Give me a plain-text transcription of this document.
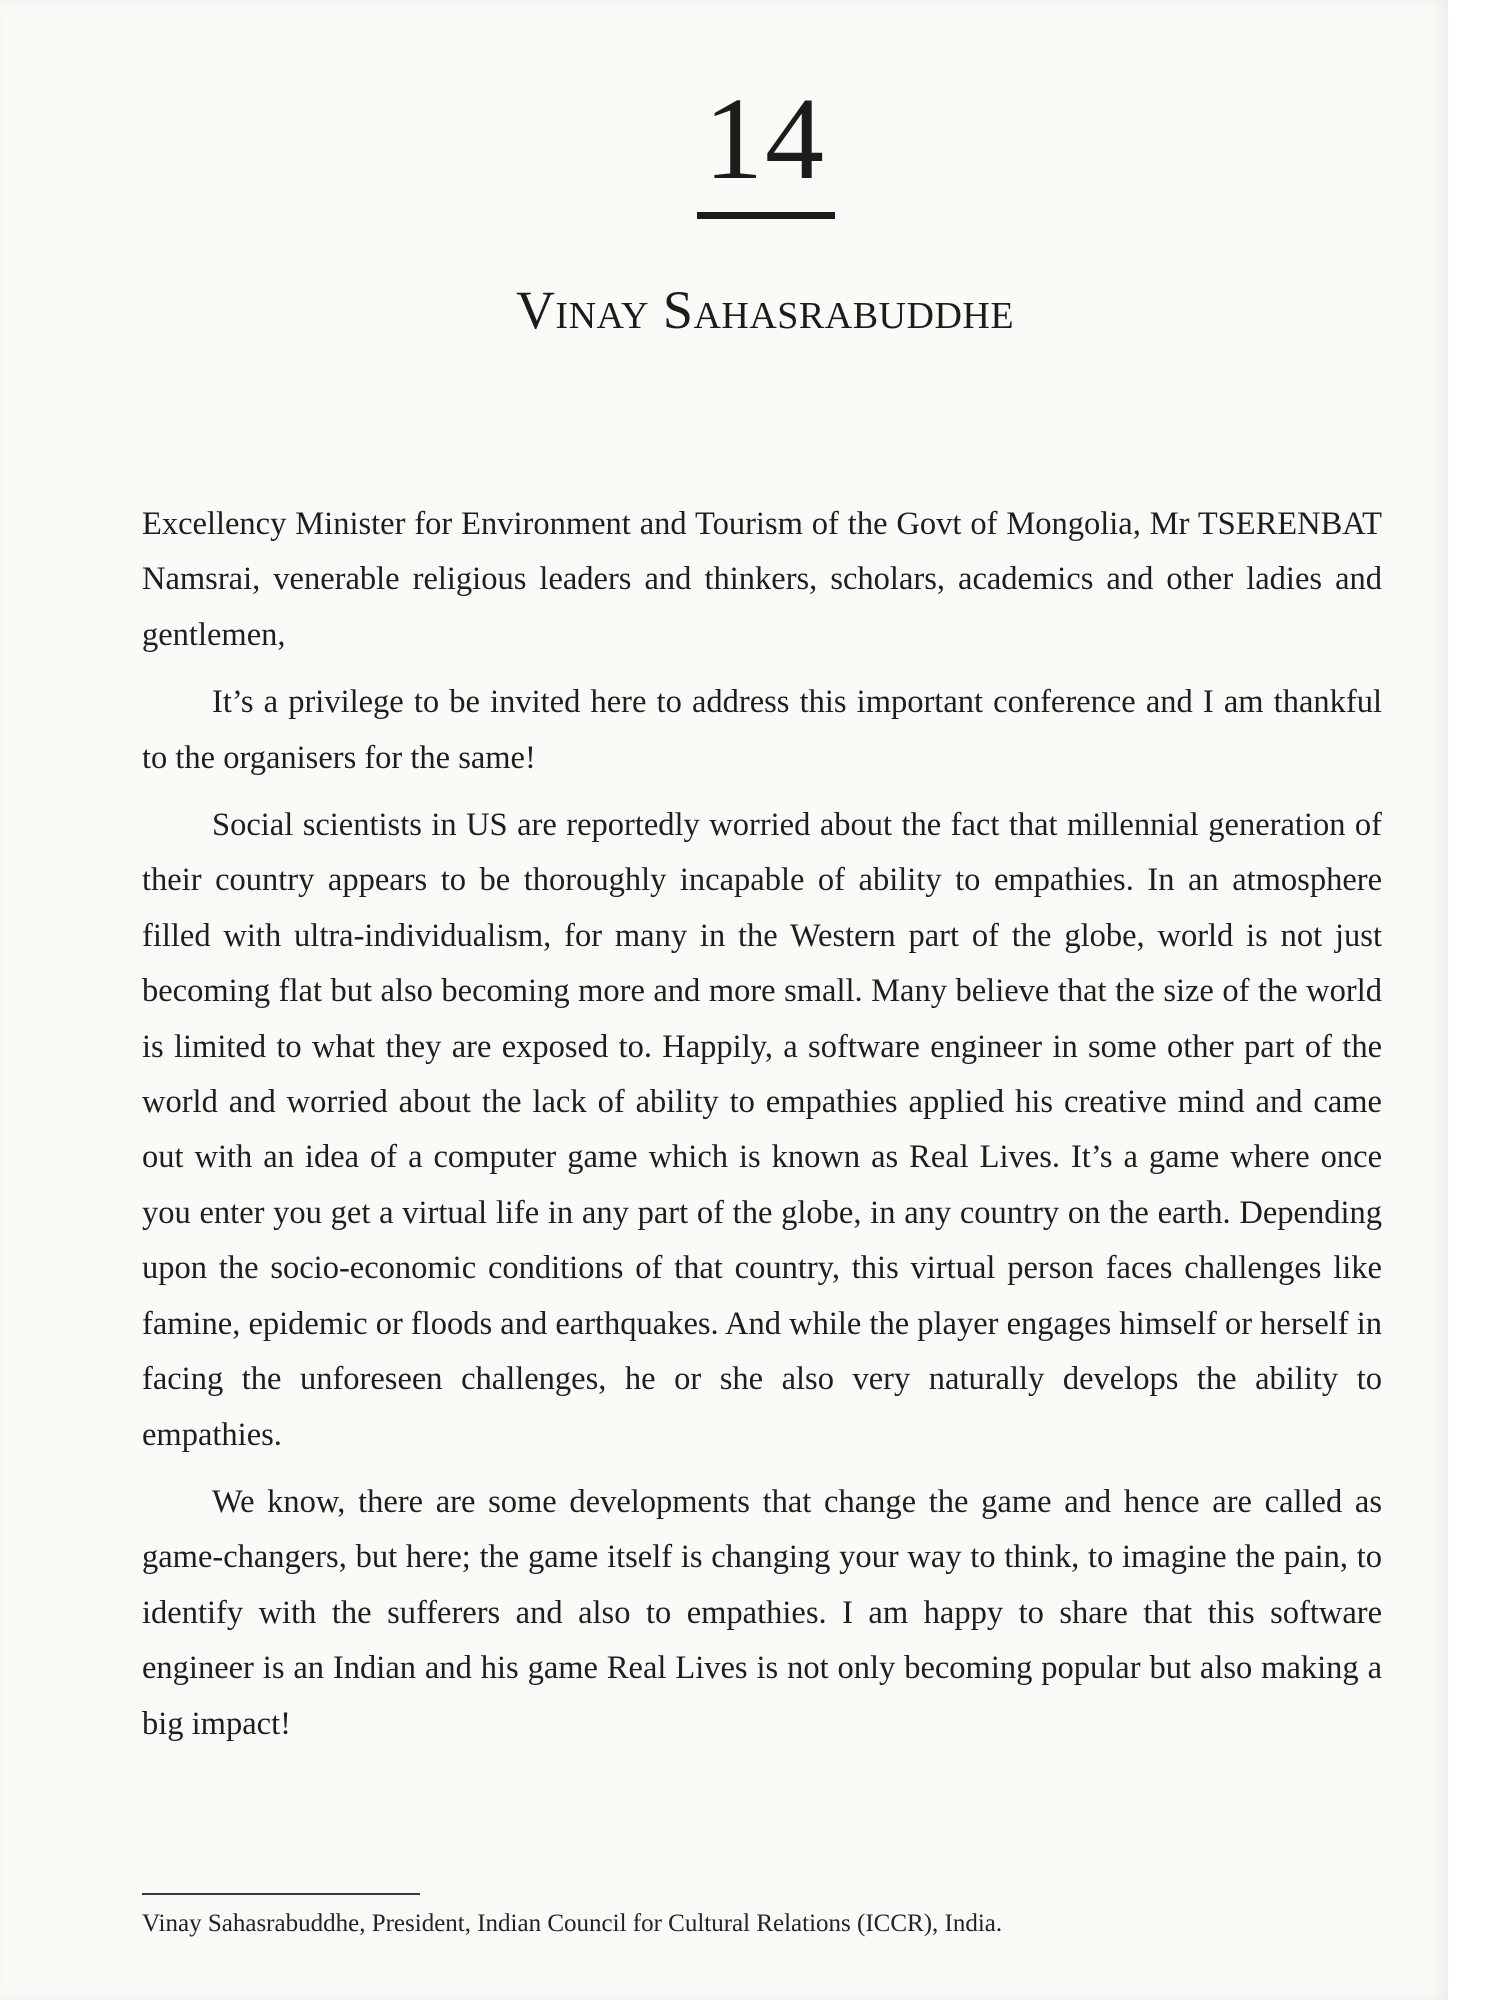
14
Vinay Sahasrabuddhe

Excellency Minister for Environment and Tourism of the Govt of Mongolia, Mr TSERENBAT Namsrai, venerable religious leaders and thinkers, scholars, academics and other ladies and gentlemen,

It’s a privilege to be invited here to address this important conference and I am thankful to the organisers for the same!

Social scientists in US are reportedly worried about the fact that millennial generation of their country appears to be thoroughly incapable of ability to empathies. In an atmosphere filled with ultra-individualism, for many in the Western part of the globe, world is not just becoming flat but also becoming more and more small. Many believe that the size of the world is limited to what they are exposed to. Happily, a software engineer in some other part of the world and worried about the lack of ability to empathies applied his creative mind and came out with an idea of a computer game which is known as Real Lives. It’s a game where once you enter you get a virtual life in any part of the globe, in any country on the earth. Depending upon the socio-economic conditions of that country, this virtual person faces challenges like famine, epidemic or floods and earthquakes. And while the player engages himself or herself in facing the unforeseen challenges, he or she also very naturally develops the ability to empathies.

We know, there are some developments that change the game and hence are called as game-changers, but here; the game itself is changing your way to think, to imagine the pain, to identify with the sufferers and also to empathies. I am happy to share that this software engineer is an Indian and his game Real Lives is not only becoming popular but also making a big impact!

Vinay Sahasrabuddhe, President, Indian Council for Cultural Relations (ICCR), India.
